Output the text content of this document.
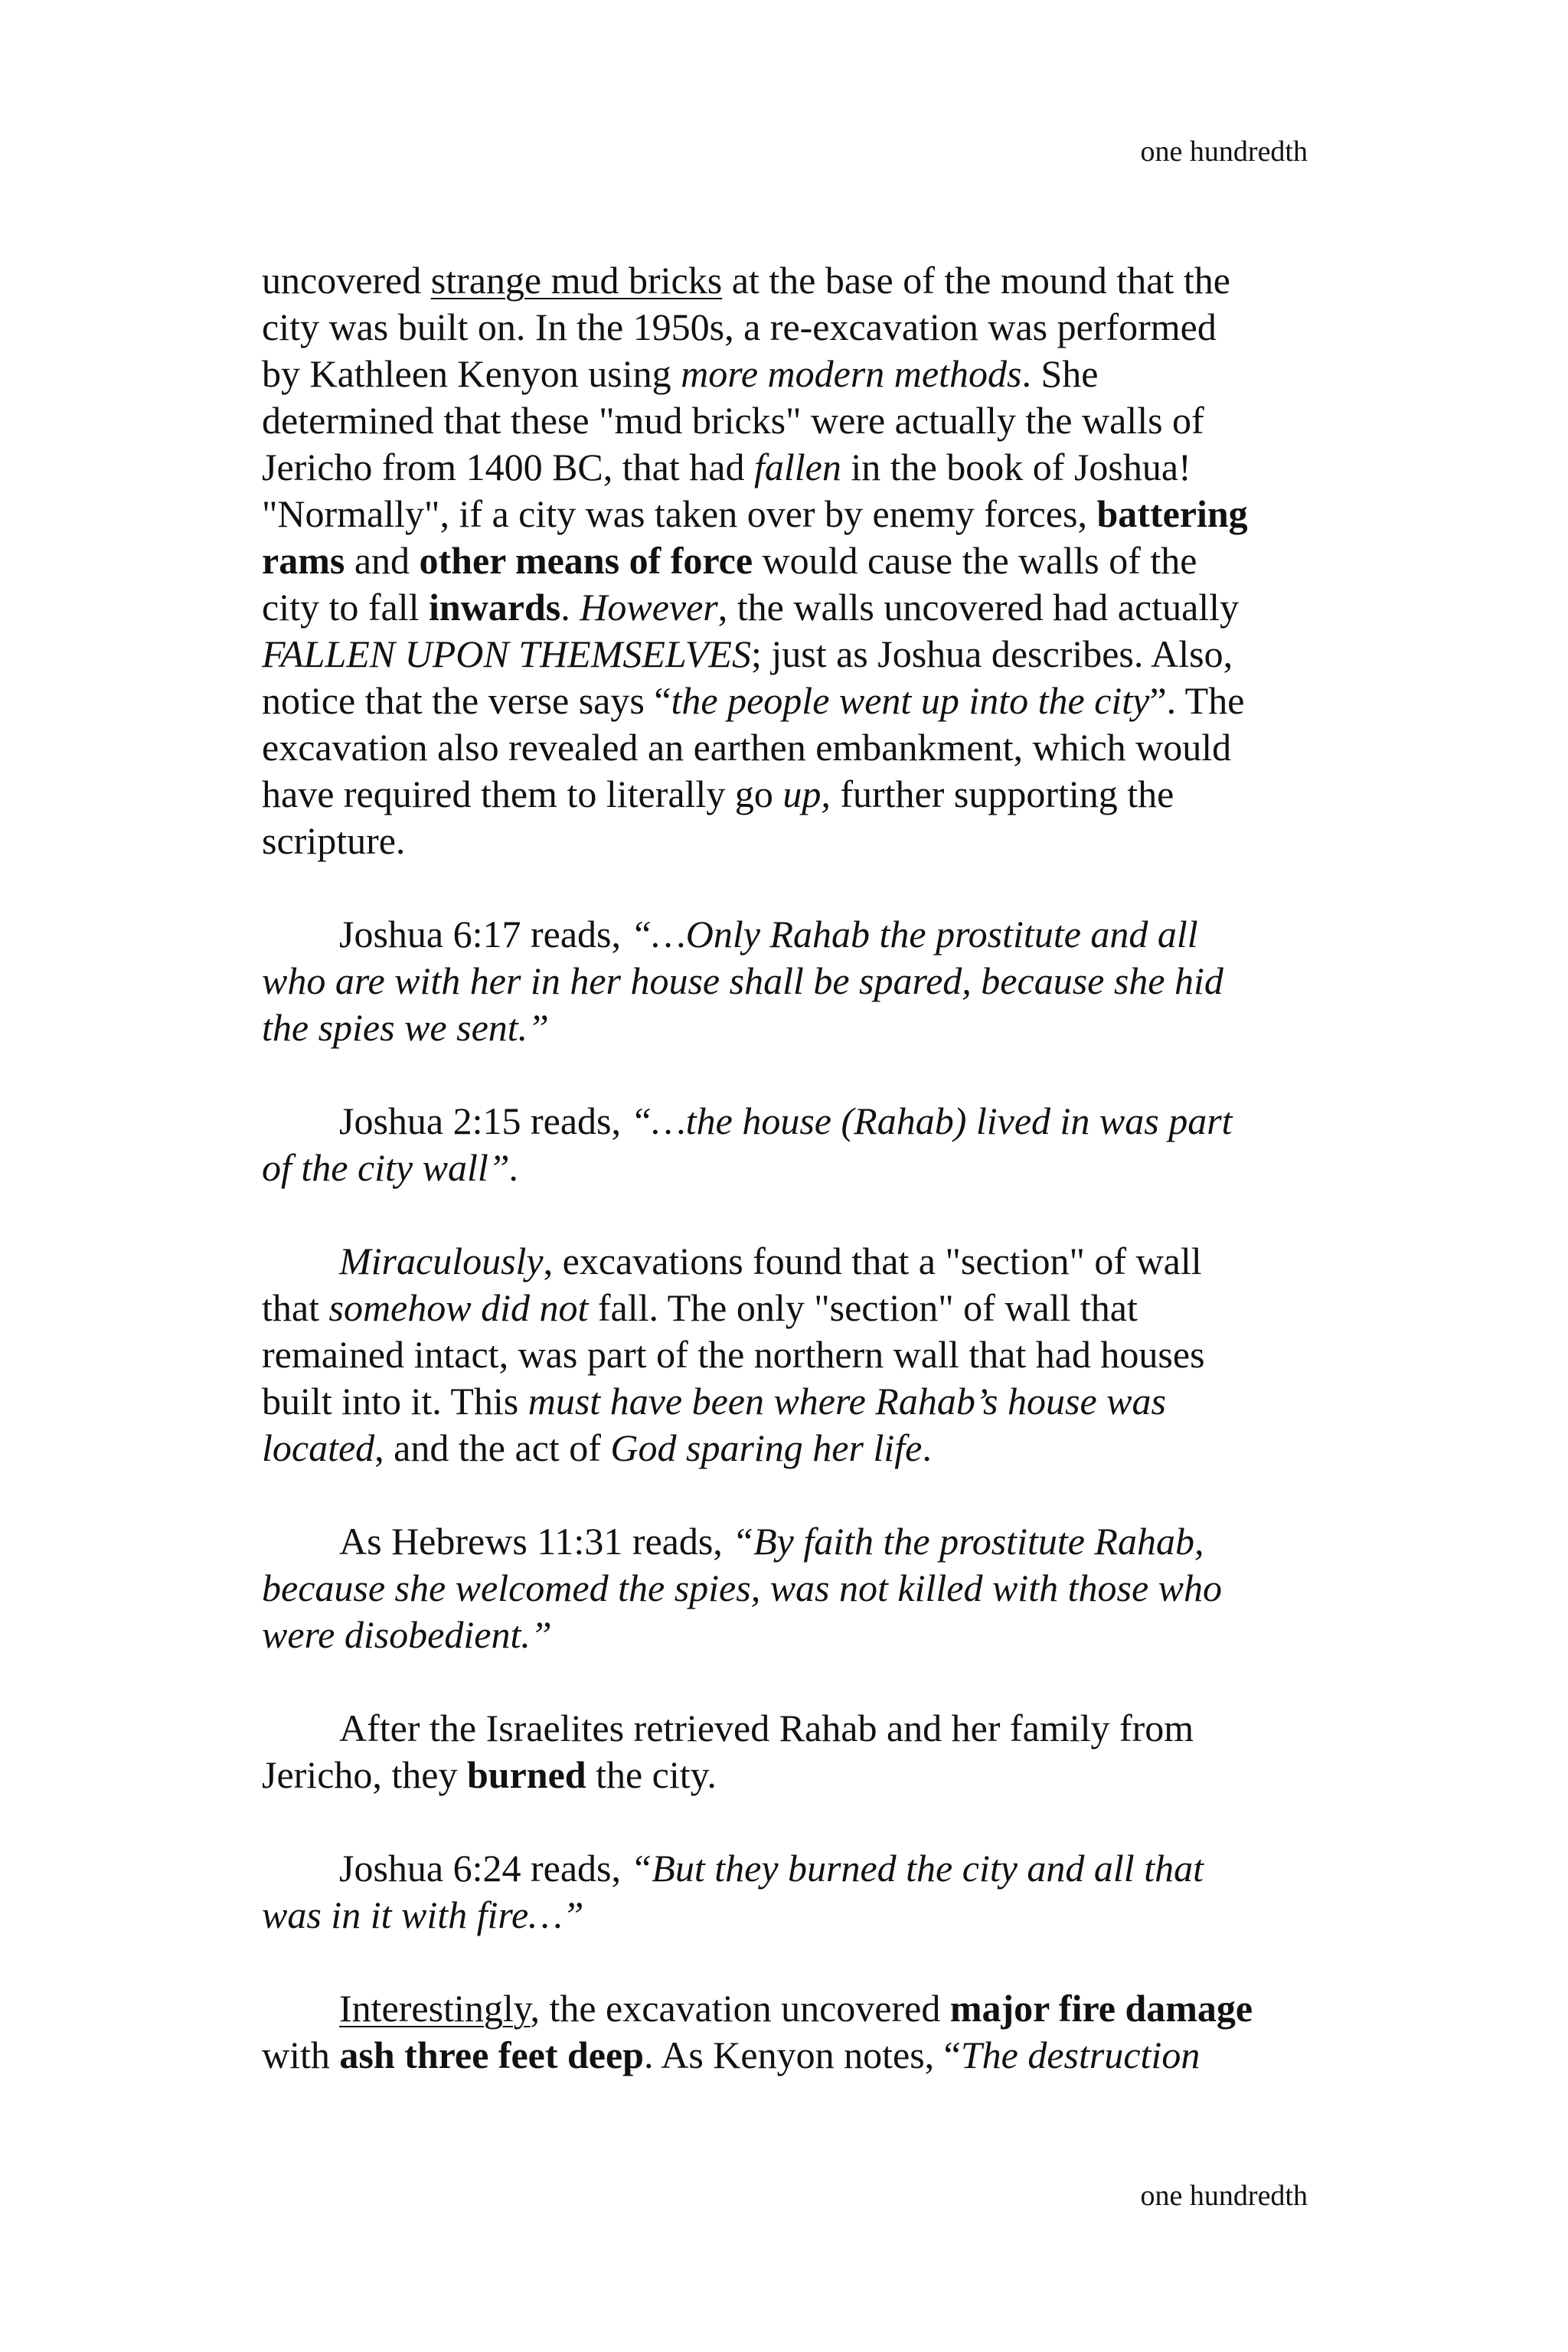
one hundredth

uncovered strange mud bricks at the base of the mound that the
city was built on. In the 1950s, a re-excavation was performed
by Kathleen Kenyon using more modern methods. She
determined that these "mud bricks" were actually the walls of
Jericho from 1400 BC, that had fallen in the book of Joshua!
"Normally", if a city was taken over by enemy forces, battering
rams and other means of force would cause the walls of the
city to fall inwards. However, the walls uncovered had actually
FALLEN UPON THEMSELVES; just as Joshua describes. Also,
notice that the verse says “the people went up into the city”. The
excavation also revealed an earthen embankment, which would
have required them to literally go up, further supporting the
scripture.

Joshua 6:17 reads, “…Only Rahab the prostitute and all
who are with her in her house shall be spared, because she hid
the spies we sent.”

Joshua 2:15 reads, “…the house (Rahab) lived in was part
of the city wall”.

Miraculously, excavations found that a "section" of wall
that somehow did not fall. The only "section" of wall that
remained intact, was part of the northern wall that had houses
built into it. This must have been where Rahab’s house was
located, and the act of God sparing her life.

As Hebrews 11:31 reads, “By faith the prostitute Rahab,
because she welcomed the spies, was not killed with those who
were disobedient.”

After the Israelites retrieved Rahab and her family from
Jericho, they burned the city.

Joshua 6:24 reads, “But they burned the city and all that
was in it with fire…”

Interestingly, the excavation uncovered major fire damage
with ash three feet deep. As Kenyon notes, “The destruction

one hundredth
